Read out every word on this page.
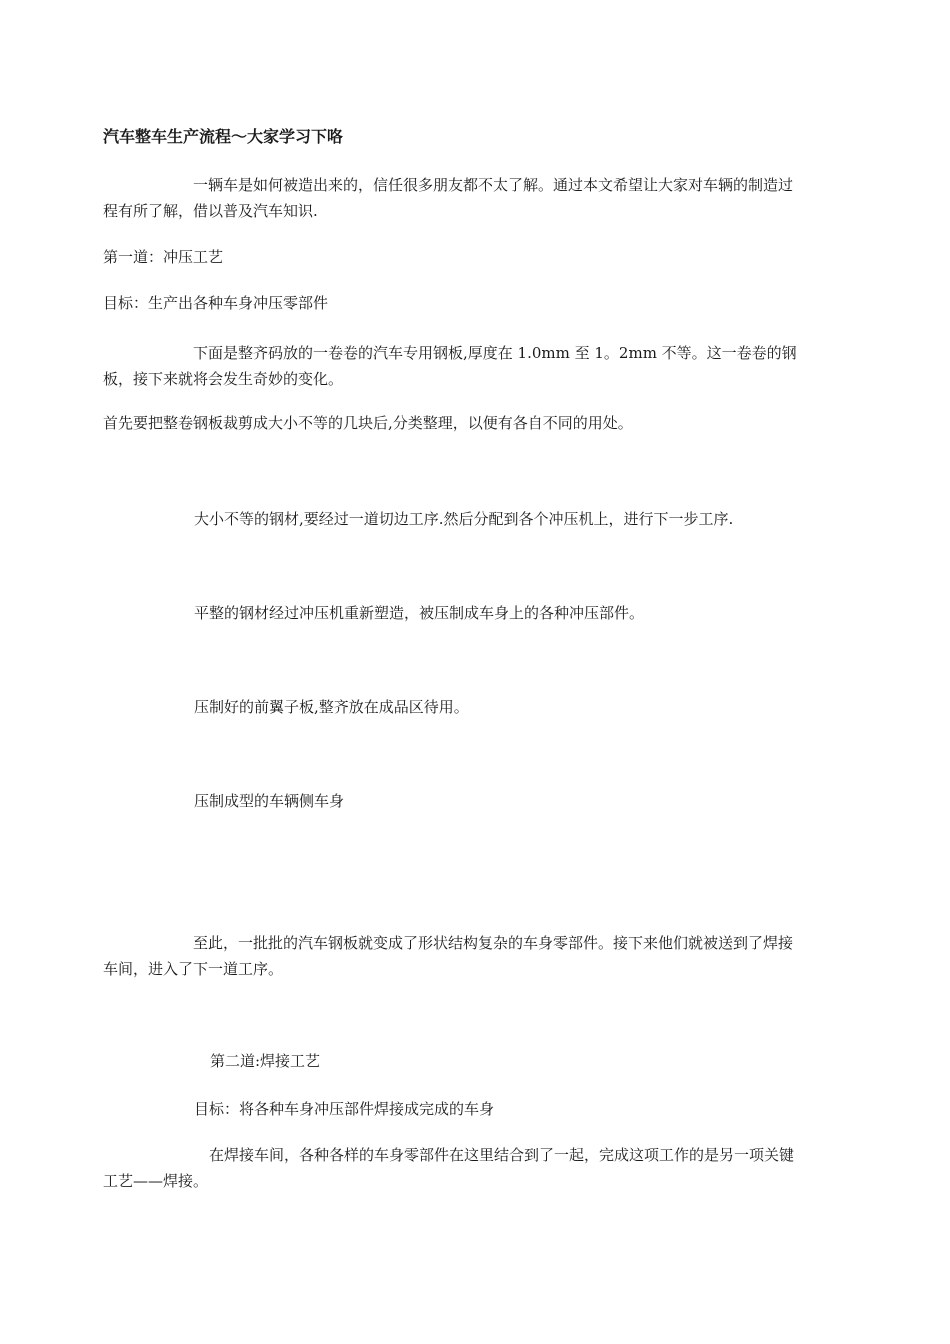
汽车整车生产流程～大家学习下咯
一辆车是如何被造出来的，信任很多朋友都不太了解。通过本文希望让大家对车辆的制造过程有所了解，借以普及汽车知识.
第一道：冲压工艺
目标：生产出各种车身冲压零部件
下面是整齐码放的一卷卷的汽车专用钢板,厚度在 1.0mm 至 1。2mm 不等。这一卷卷的钢板，接下来就将会发生奇妙的变化。
首先要把整卷钢板裁剪成大小不等的几块后,分类整理，以便有各自不同的用处。
大小不等的钢材,要经过一道切边工序.然后分配到各个冲压机上，进行下一步工序.
平整的钢材经过冲压机重新塑造，被压制成车身上的各种冲压部件。
压制好的前翼子板,整齐放在成品区待用。
压制成型的车辆侧车身
至此，一批批的汽车钢板就变成了形状结构复杂的车身零部件。接下来他们就被送到了焊接车间，进入了下一道工序。
第二道:焊接工艺
目标：将各种车身冲压部件焊接成完成的车身
在焊接车间，各种各样的车身零部件在这里结合到了一起，完成这项工作的是另一项关键工艺——焊接。
